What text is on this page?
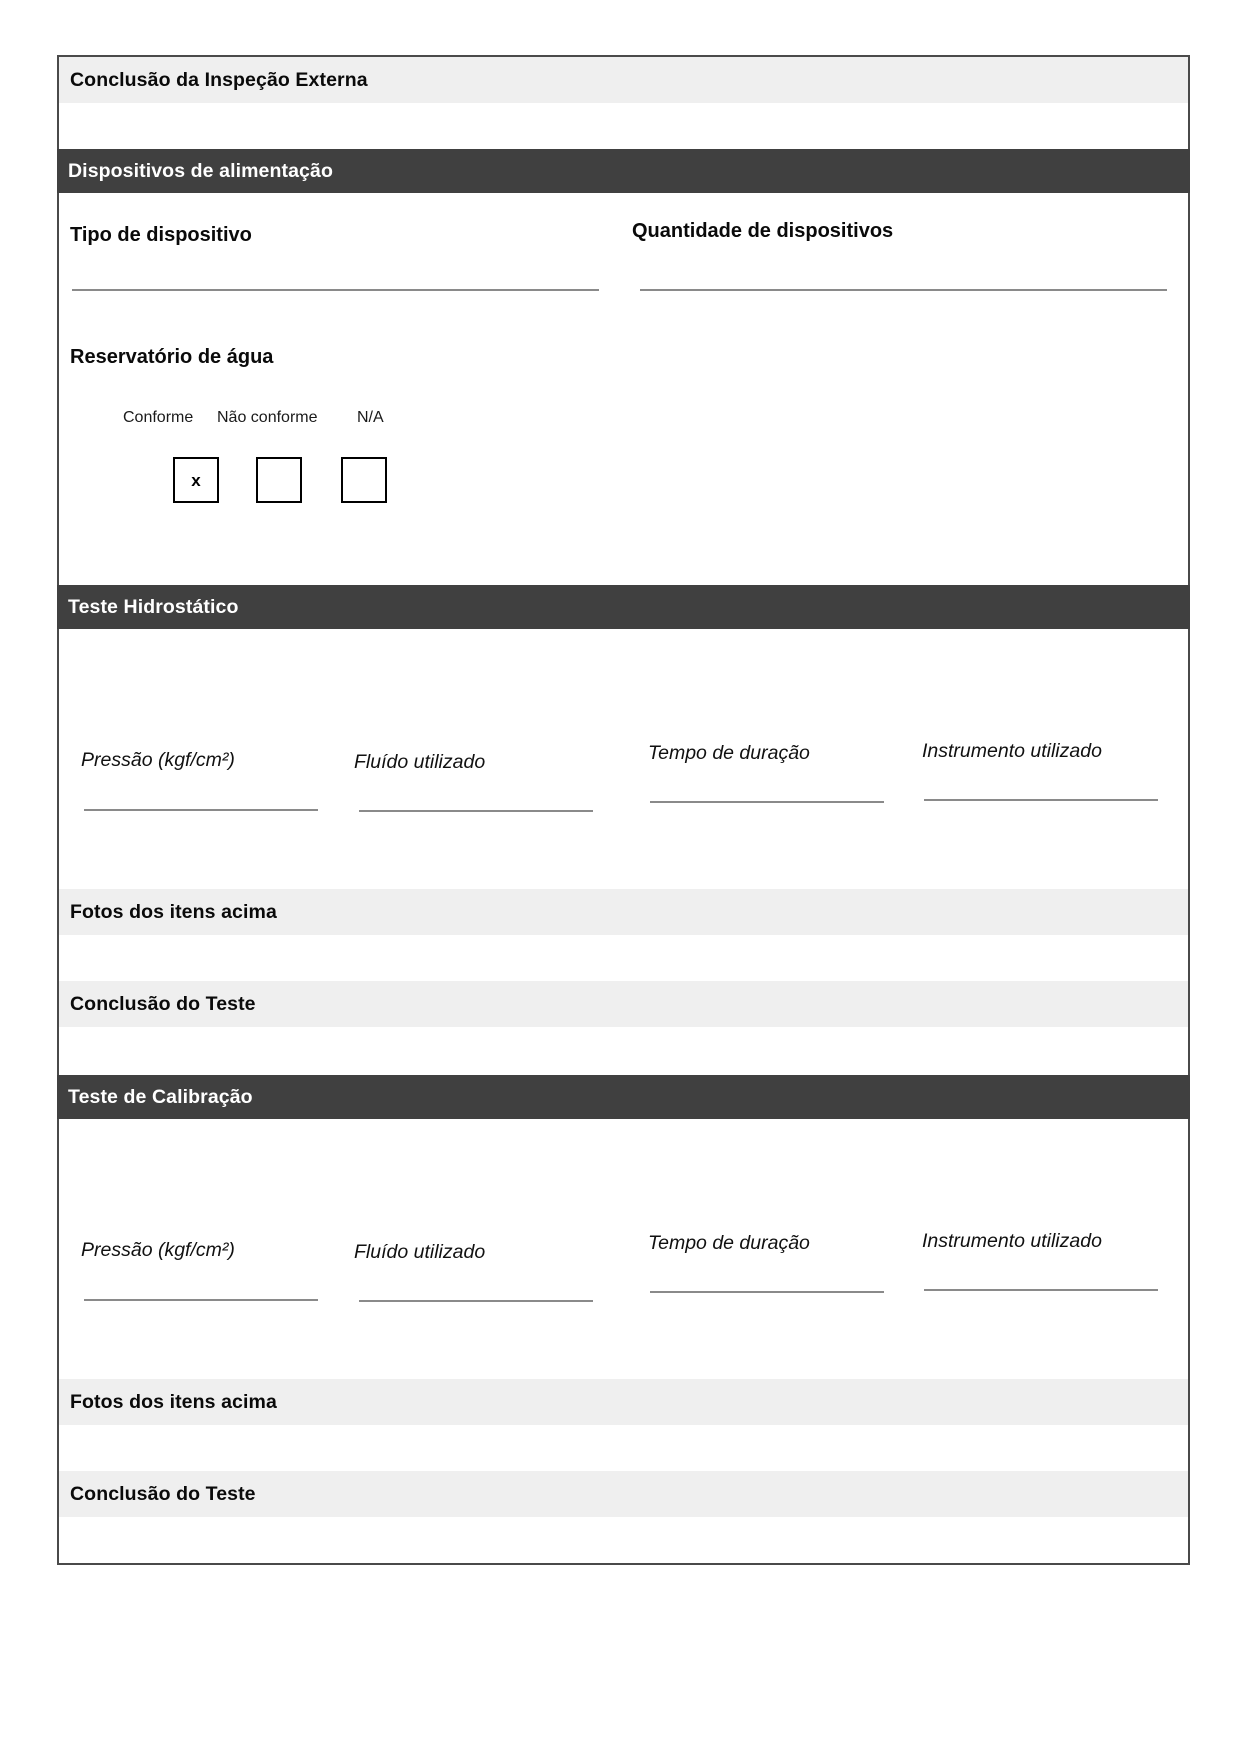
Conclusão da Inspeção Externa
Dispositivos de alimentação
Tipo de dispositivo	Quantidade de dispositivos
Reservatório de água
Conforme Não conforme N/A
x
Teste Hidrostático
Pressão (kgf/cm²)	Fluído utilizado	Tempo de duração	Instrumento utilizado
Fotos dos itens acima
Conclusão do Teste
Teste de Calibração
Pressão (kgf/cm²)	Fluído utilizado	Tempo de duração	Instrumento utilizado
Fotos dos itens acima
Conclusão do Teste
